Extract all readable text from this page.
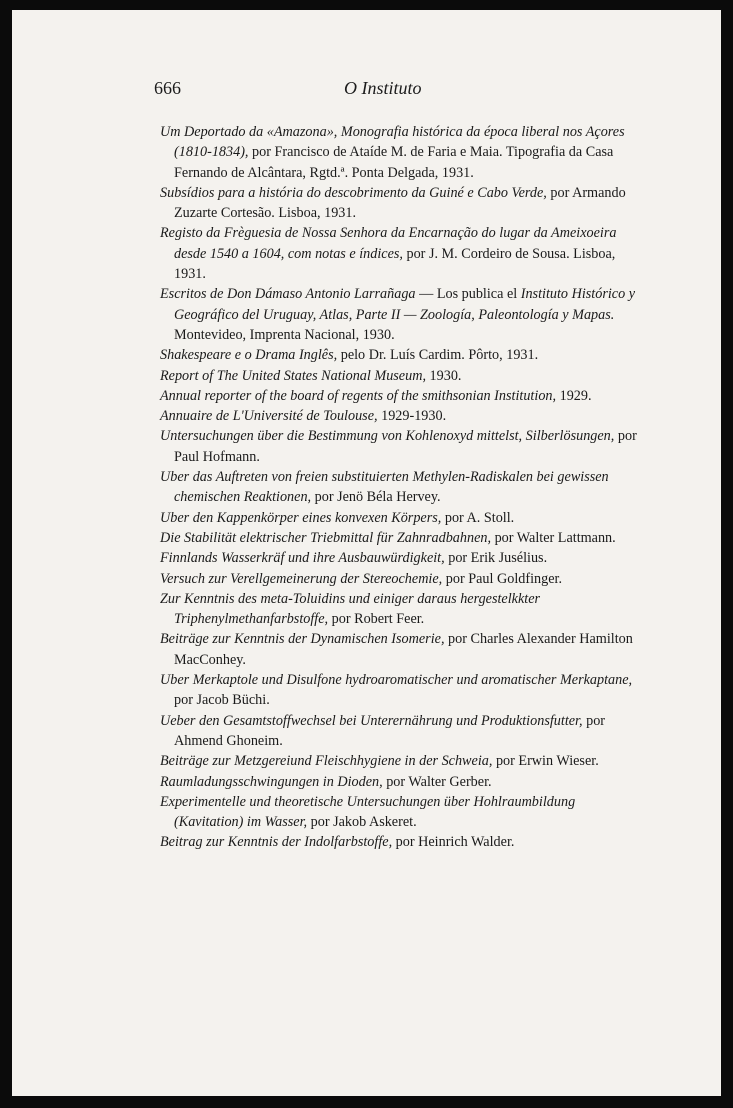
666	O Instituto

Um Deportado da «Amazona», Monografia histórica da época liberal nos Açores (1810-1834), por Francisco de Ataíde M. de Faria e Maia. Tipografia da Casa Fernando de Alcântara, Rgtd.ª. Ponta Delgada, 1931.

Subsídios para a história do descobrimento da Guiné e Cabo Verde, por Armando Zuzarte Cortesão. Lisboa, 1931.

Registo da Frèguesia de Nossa Senhora da Encarnação do lugar da Ameixoeira desde 1540 a 1604, com notas e índices, por J. M. Cordeiro de Sousa. Lisboa, 1931.

Escritos de Don Dámaso Antonio Larrañaga — Los publica el Instituto Histórico y Geográfico del Uruguay, Atlas, Parte II — Zoología, Paleontología y Mapas.Montevideo, Imprenta Nacional, 1930.

Shakespeare e o Drama Inglês, pelo Dr. Luís Cardim. Pôrto, 1931.

Report of The United States National Museum, 1930.

Annual reporter of the board of regents of the smithsonian Institution, 1929.

Annuaire de L'Université de Toulouse, 1929-1930.

Untersuchungen über die Bestimmung von Kohlenoxyd mittelst, Silberlösungen, por Paul Hofmann.

Uber das Auftreten von freien substituierten Methylen-Radiskalen bei gewissen chemischen Reaktionen, por Jenö Béla Hervey.

Uber den Kappenkörper eines konvexen Körpers, por A. Stoll.

Die Stabilität elektrischer Triebmittal für Zahnradbahnen, por Walter Lattmann.

Finnlands Wasserkräf und ihre Ausbauwürdigkeit, por Erik Jusélius.

Versuch zur Verellgemeinerung der Stereochemie, por Paul Goldfinger.

Zur Kenntnis des meta-Toluidins und einiger daraus hergestelkkter Triphenylmethanfarbstoffe, por Robert Feer.

Beiträge zur Kenntnis der Dynamischen Isomerie, por Charles Alexander Hamilton MacConhey.

Uber Merkaptole und Disulfone hydroaromatischer und aromatischer Merkaptane,por Jacob Büchi.

Ueber den Gesamtstoffwechsel bei Unterernährung und Produktionsfutter, por Ahmend Ghoneim.

Beiträge zur Metzgereiund Fleischhygiene in der Schweia, por Erwin Wieser.

Raumladungsschwingungen in Dioden, por Walter Gerber.

Experimentelle und theoretische Untersuchungen über Hohlraumbildung (Kavitation) im Wasser, por Jakob Askeret.

Beitrag zur Kenntnis der Indolfarbstoffe, por Heinrich Walder.
